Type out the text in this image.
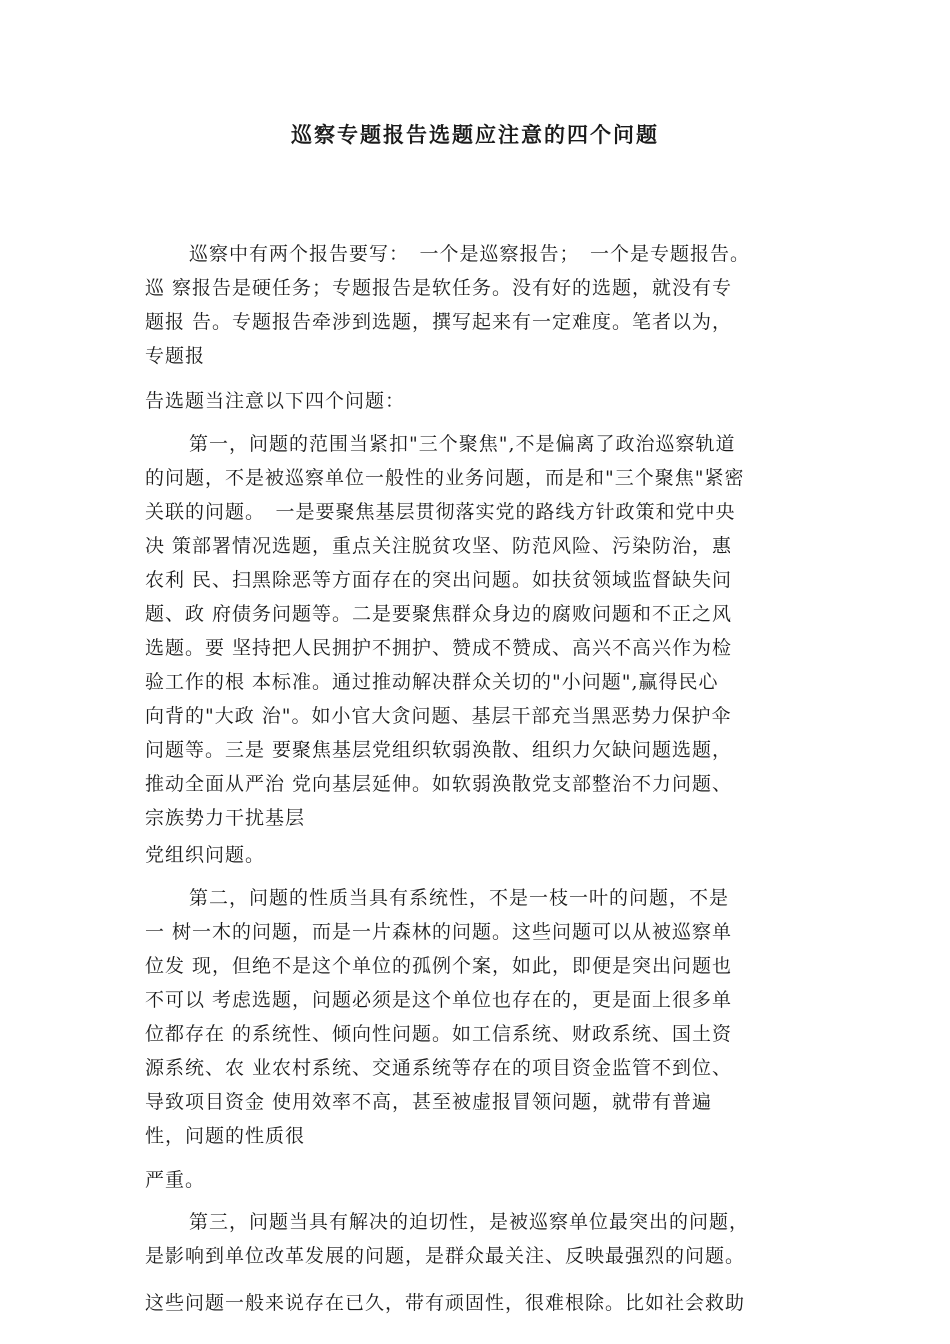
巡察专题报告选题应注意的四个问题
巡察中有两个报告要写：　一个是巡察报告；　一个是专题报告。
巡 察报告是硬任务；专题报告是软任务。没有好的选题，就没有专
题报 告。专题报告牵涉到选题，撰写起来有一定难度。笔者以为，
专题报
告选题当注意以下四个问题：
第一，问题的范围当紧扣"三个聚焦",不是偏离了政治巡察轨道
的问题，不是被巡察单位一般性的业务问题，而是和"三个聚焦"紧密
关联的问题。　一是要聚焦基层贯彻落实党的路线方针政策和党中央
决 策部署情况选题，重点关注脱贫攻坚、防范风险、污染防治，惠
农利 民、扫黑除恶等方面存在的突出问题。如扶贫领域监督缺失问
题、政 府债务问题等。二是要聚焦群众身边的腐败问题和不正之风
选题。要 坚持把人民拥护不拥护、赞成不赞成、高兴不高兴作为检
验工作的根 本标准。通过推动解决群众关切的"小问题",赢得民心
向背的"大政 治"。如小官大贪问题、基层干部充当黑恶势力保护伞
问题等。三是 要聚焦基层党组织软弱涣散、组织力欠缺问题选题，
推动全面从严治 党向基层延伸。如软弱涣散党支部整治不力问题、
宗族势力干扰基层
党组织问题。
第二，问题的性质当具有系统性，不是一枝一叶的问题，不是
一 树一木的问题，而是一片森林的问题。这些问题可以从被巡察单
位发 现，但绝不是这个单位的孤例个案，如此，即便是突出问题也
不可以 考虑选题，问题必须是这个单位也存在的，更是面上很多单
位都存在 的系统性、倾向性问题。如工信系统、财政系统、国土资
源系统、农 业农村系统、交通系统等存在的项目资金监管不到位、
导致项目资金 使用效率不高，甚至被虚报冒领问题，就带有普遍
性，问题的性质很
严重。
第三，问题当具有解决的迫切性，是被巡察单位最突出的问题，
是影响到单位改革发展的问题，是群众最关注、反映最强烈的问题。
这些问题一般来说存在已久，带有顽固性，很难根除。比如社会救助
